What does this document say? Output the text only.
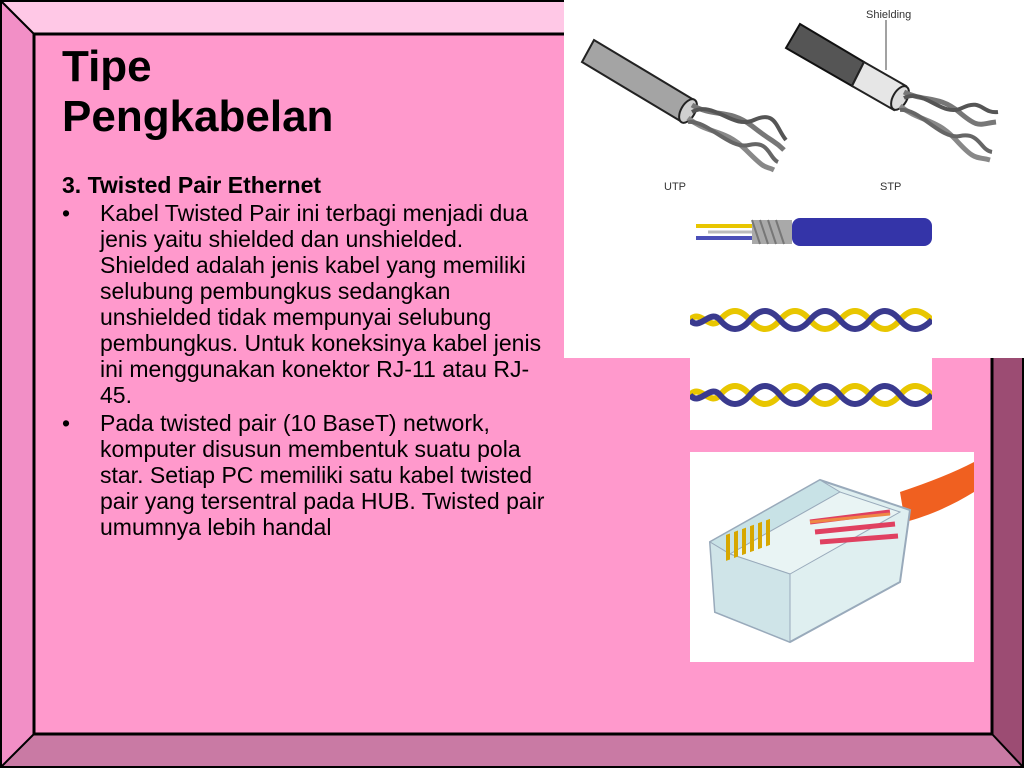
Tipe
Pengkabelan
3. Twisted Pair Ethernet
• Kabel Twisted Pair ini terbagi menjadi dua jenis yaitu shielded dan unshielded. Shielded adalah jenis kabel yang memiliki selubung pembungkus sedangkan unshielded tidak mempunyai selubung pembungkus. Untuk koneksinya kabel jenis ini menggunakan konektor RJ-11 atau RJ-45.
• Pada twisted pair (10 BaseT) network, komputer disusun membentuk suatu pola star. Setiap PC memiliki satu kabel twisted pair yang tersentral pada HUB. Twisted pair umumnya lebih handal
Shielding
UTP	STP
